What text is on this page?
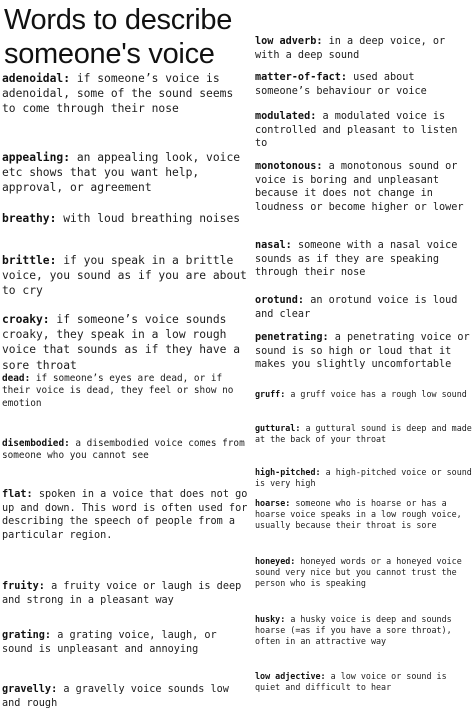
Words to describe someone's voice

adenoidal: if someone’s voice is adenoidal, some of the sound seems to come through their nose

appealing: an appealing look, voice etc shows that you want help, approval, or agreement

breathy: with loud breathing noises

brittle: if you speak in a brittle voice, you sound as if you are about to cry

croaky: if someone’s voice sounds croaky, they speak in a low rough voice that sounds as if they have a sore throat

dead: if someone’s eyes are dead, or if their voice is dead, they feel or show no emotion

disembodied: a disembodied voice comes from someone who you cannot see

flat: spoken in a voice that does not go up and down. This word is often used for describing the speech of people from a particular region.

fruity: a fruity voice or laugh is deep and strong in a pleasant way

grating: a grating voice, laugh, or sound is unpleasant and annoying

gravelly: a gravelly voice sounds low and rough

low adverb: in a deep voice, or with a deep sound

matter-of-fact: used about someone’s behaviour or voice

modulated: a modulated voice is controlled and pleasant to listen to

monotonous: a monotonous sound or voice is boring and unpleasant because it does not change in loudness or become higher or lower

nasal: someone with a nasal voice sounds as if they are speaking through their nose

orotund: an orotund voice is loud and clear

penetrating: a penetrating voice or sound is so high or loud that it makes you slightly uncomfortable

gruff: a gruff voice has a rough low sound

guttural: a guttural sound is deep and made at the back of your throat

high-pitched: a high-pitched voice or sound is very high

hoarse: someone who is hoarse or has a hoarse voice speaks in a low rough voice, usually because their throat is sore

honeyed: honeyed words or a honeyed voice sound very nice but you cannot trust the person who is speaking

husky: a husky voice is deep and sounds hoarse (=as if you have a sore throat), often in an attractive way

low adjective: a low voice or sound is quiet and difficult to hear
